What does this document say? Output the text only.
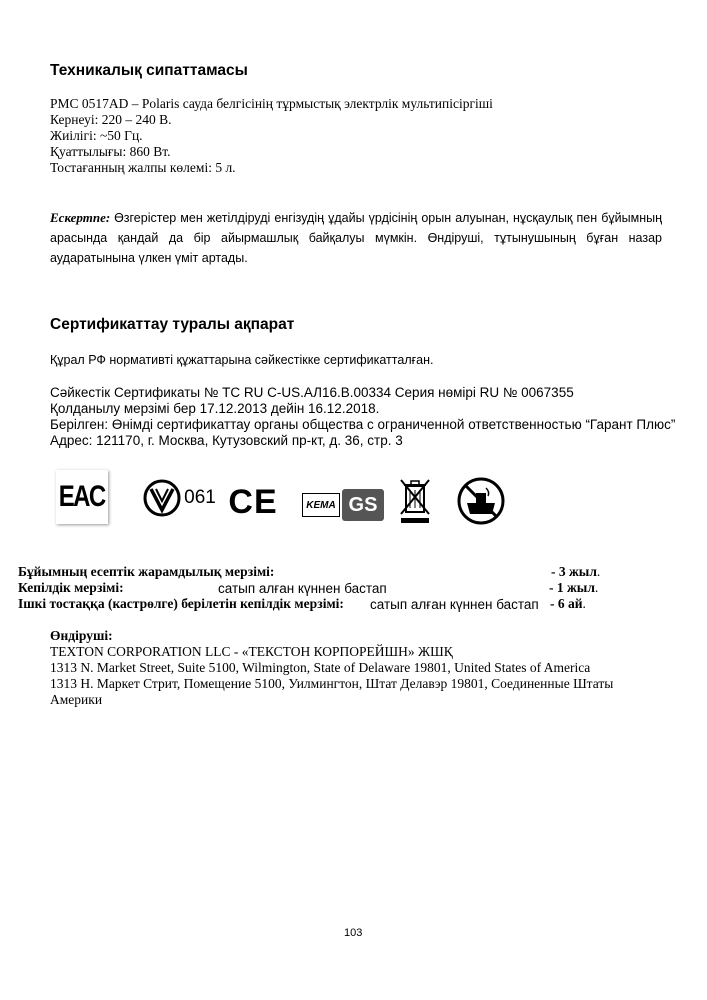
Техникалық сипаттамасы
PMC 0517AD – Polaris сауда белгісінің тұрмыстық электрлік мультипісіргіші
Кернеуі: 220 – 240 В.
Жиілігі: ~50 Гц.
Қуаттылығы: 860 Вт.
Тостағанның жалпы көлемі: 5 л.
Ескертпе: Өзгерістер мен жетілдіруді енгізудің ұдайы үрдісінің орын алуынан, нұсқаулық пен бұйымның арасында қандай да бір айырмашлық байқалуы мүмкін. Өндіруші, тұтынушының бұған назар аударатынына үлкен үміт артады.
Сертификаттау туралы ақпарат
Құрал РФ нормативті құжаттарына сәйкестікке сертификатталған.
Сәйкестік Сертификаты № ТС RU С-US.АЛ16.В.00334 Серия нөмірі RU № 0067355
Қолданылу мерзімі бер 17.12.2013 дейін 16.12.2018.
Берілген: Өнімді сертификаттау органы общества с ограниченной ответственностью “Гарант Плюс”
Адрес: 121170, г. Москва, Кутузовский пр-кт, д. 36, стр. 3
EAC	061 CE	KEMA GS
Бұйымның есептік жарамдылық мерзімі:	- 3 жыл.
Кепілдік мерзімі:	сатып алған күннен бастап	- 1 жыл.
Ішкі тостаққа (кастрөлге) берілетін кепілдік мерзімі: сатып алған күннен бастап - 6 ай.
Өндіруші:
TEXTON CORPORATION LLC - «ТЕКСТОН КОРПОРЕЙШН» ЖШҚ
1313 N. Market Street, Suite 5100, Wilmington, State of Delaware 19801, United States of America
1313 Н. Маркет Стрит, Помещение 5100, Уилмингтон, Штат Делавэр 19801, Соединенные Штаты
Америки
103
